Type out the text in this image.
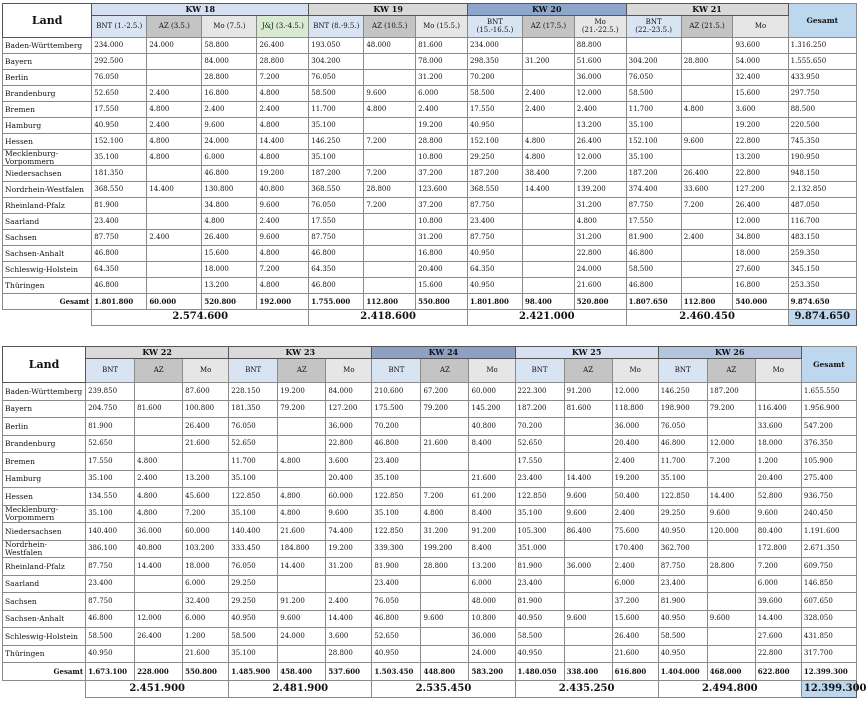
Land	KW 18				KW 19			KW 20			KW 21			Gesamt
	BNT (1.-2.5.)	AZ (3.5.)	Mo (7.5.)	J&J (3.-4.5.)	BNT (8.-9.5.)	AZ (10.5.)	Mo (15.5.)	BNT (15.-16.5.)	AZ (17.5.)	Mo (21.-22.5.)	BNT (22.-23.5.)	AZ (21.5.)	Mo	
Baden-Württemberg	234.000	24.000	58.800	26.400	193.050	48.000	81.600	234.000		88.800			93.600	1.316.250
Bayern	292.500		84.000	28.800	304.200		78.000	298.350	31.200	51.600	304.200	28.800	54.000	1.555.650
Berlin	76.050		28.800	7.200	76.050		31.200	70.200		36.000	76.050		32.400	433.950
Brandenburg	52.650	2.400	16.800	4.800	58.500	9.600	6.000	58.500	2.400	12.000	58.500		15.600	297.750
Bremen	17.550	4.800	2.400	2.400	11.700	4.800	2.400	17.550	2.400	2.400	11.700	4.800	3.600	88.500
Hamburg	40.950	2.400	9.600	4.800	35.100		19.200	40.950		13.200	35.100		19.200	220.500
Hessen	152.100	4.800	24.000	14.400	146.250	7.200	28.800	152.100	4.800	26.400	152.100	9.600	22.800	745.350
Mecklenburg-Vorpommern	35.100	4.800	6.000	4.800	35.100		10.800	29.250	4.800	12.000	35.100		13.200	190.950
Niedersachsen	181.350		46.800	19.200	187.200	7.200	37.200	187.200	38.400	7.200	187.200	26.400	22.800	948.150
Nordrhein-Westfalen	368.550	14.400	130.800	40.800	368.550	28.800	123.600	368.550	14.400	139.200	374.400	33.600	127.200	2.132.850
Rheinland-Pfalz	81.900		34.800	9.600	76.050	7.200	37.200	87.750		31.200	87.750	7.200	26.400	487.050
Saarland	23.400		4.800	2.400	17.550		10.800	23.400		4.800	17.550		12.000	116.700
Sachsen	87.750	2.400	26.400	9.600	87.750		31.200	87.750		31.200	81.900	2.400	34.800	483.150
Sachsen-Anhalt	46.800		15.600	4.800	46.800		16.800	40.950		22.800	46.800		18.000	259.350
Schleswig-Holstein	64.350		18.000	7.200	64.350		20.400	64.350		24.000	58.500		27.600	345.150
Thüringen	46.800		13.200	4.800	46.800		15.600	40.950		21.600	46.800		16.800	253.350
Gesamt	1.801.800	60.000	520.800	192.000	1.755.000	112.800	550.800	1.801.800	98.400	520.800	1.807.650	112.800	540.000	9.874.650
	2.574.600				2.418.600			2.421.000			2.460.450			9.874.650
Land	KW 22			KW 23			KW 24			KW 25			KW 26			Gesamt
	BNT	AZ	Mo	BNT	AZ	Mo	BNT	AZ	Mo	BNT	AZ	Mo	BNT	AZ	Mo	
Baden-Württemberg	239.850		87.600	228.150	19.200	84.000	210.600	67.200	60.000	222.300	91.200	12.000	146.250	187.200		1.655.550
Bayern	204.750	81.600	100.800	181.350	79.200	127.200	175.500	79.200	145.200	187.200	81.600	118.800	198.900	79.200	116.400	1.956.900
Berlin	81.900		26.400	76.050		36.000	70.200		40.800	70.200		36.000	76.050		33.600	547.200
Brandenburg	52.650		21.600	52.650		22.800	46.800	21.600	8.400	52.650		20.400	46.800	12.000	18.000	376.350
Bremen	17.550	4.800		11.700	4.800	3.600	23.400			17.550		2.400	11.700	7.200	1.200	105.900
Hamburg	35.100	2.400	13.200	35.100		20.400	35.100		21.600	23.400	14.400	19.200	35.100		20.400	275.400
Hessen	134.550	4.800	45.600	122.850	4.800	60.000	122.850	7.200	61.200	122.850	9.600	50.400	122.850	14.400	52.800	936.750
Mecklenburg-Vorpommern	35.100	4.800	7.200	35.100	4.800	9.600	35.100	4.800	8.400	35.100	9.600	2.400	29.250	9.600	9.600	240.450
Niedersachsen	140.400	36.000	60.000	140.400	21.600	74.400	122.850	31.200	91.200	105.300	86.400	75.600	40.950	120.000	80.400	1.191.600
Nordrhein-Westfalen	386.100	40.800	103.200	333.450	184.800	19.200	339.300	199.200	8.400	351.000		170.400	362.700		172.800	2.671.350
Rheinland-Pfalz	87.750	14.400	18.000	76.050	14.400	31.200	81.900	28.800	13.200	81.900	36.000	2.400	87.750	28.800	7.200	609.750
Saarland	23.400		6.000	29.250			23.400		6.000	23.400		6.000	23.400		6.000	146.850
Sachsen	87.750		32.400	29.250	91.200	2.400	76.050		48.000	81.900		37.200	81.900		39.600	607.650
Sachsen-Anhalt	46.800	12.000	6.000	40.950	9.600	14.400	46.800	9.600	10.800	40.950	9.600	15.600	40.950	9.600	14.400	328.050
Schleswig-Holstein	58.500	26.400	1.200	58.500	24.000	3.600	52.650		36.000	58.500		26.400	58.500		27.600	431.850
Thüringen	40.950		21.600	35.100		28.800	40.950		24.000	40.950		21.600	40.950		22.800	317.700
Gesamt	1.673.100	228.000	550.800	1.485.900	458.400	537.600	1.503.450	448.800	583.200	1.480.050	338.400	616.800	1.404.000	468.000	622.800	12.399.300
	2.451.900			2.481.900			2.535.450			2.435.250			2.494.800			12.399.300
